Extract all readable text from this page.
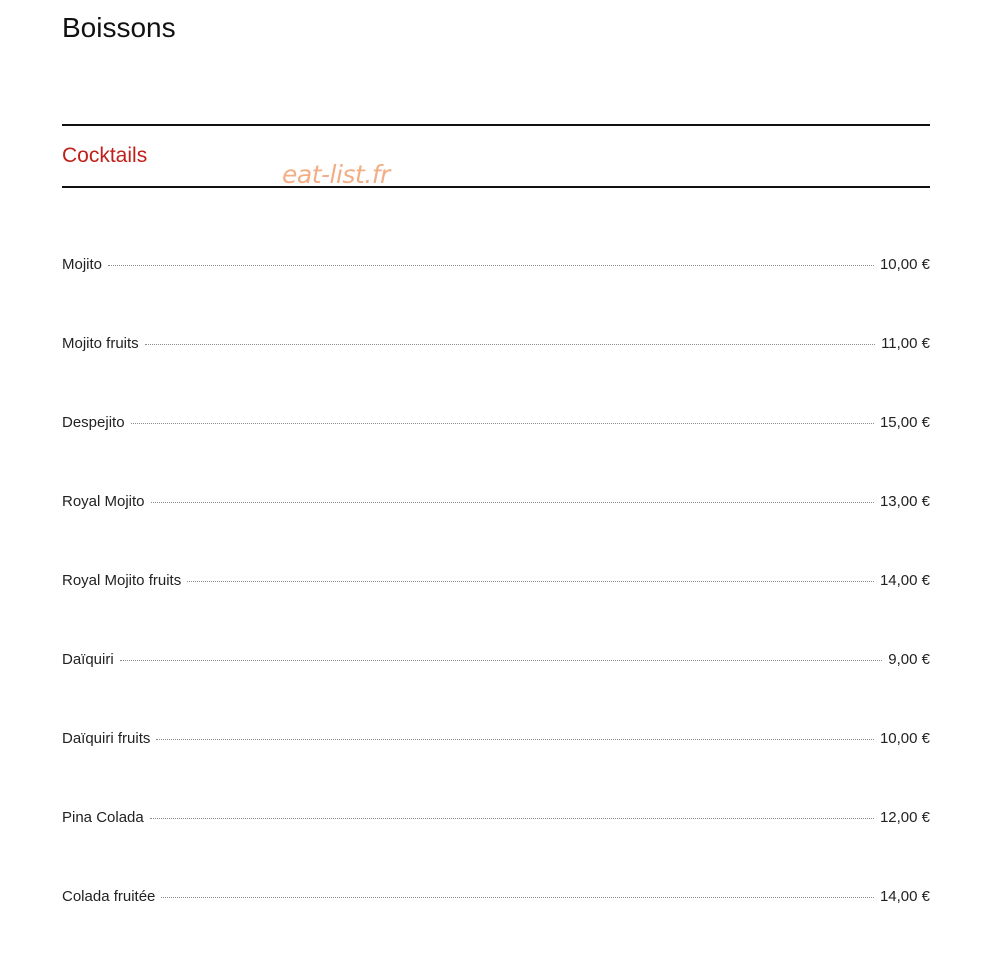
Boissons
Cocktails
eat-list.fr
Mojito	10,00 €
Mojito fruits	11,00 €
Despejito	15,00 €
Royal Mojito	13,00 €
Royal Mojito fruits	14,00 €
Daïquiri	9,00 €
Daïquiri fruits	10,00 €
Pina Colada	12,00 €
Colada fruitée	14,00 €
